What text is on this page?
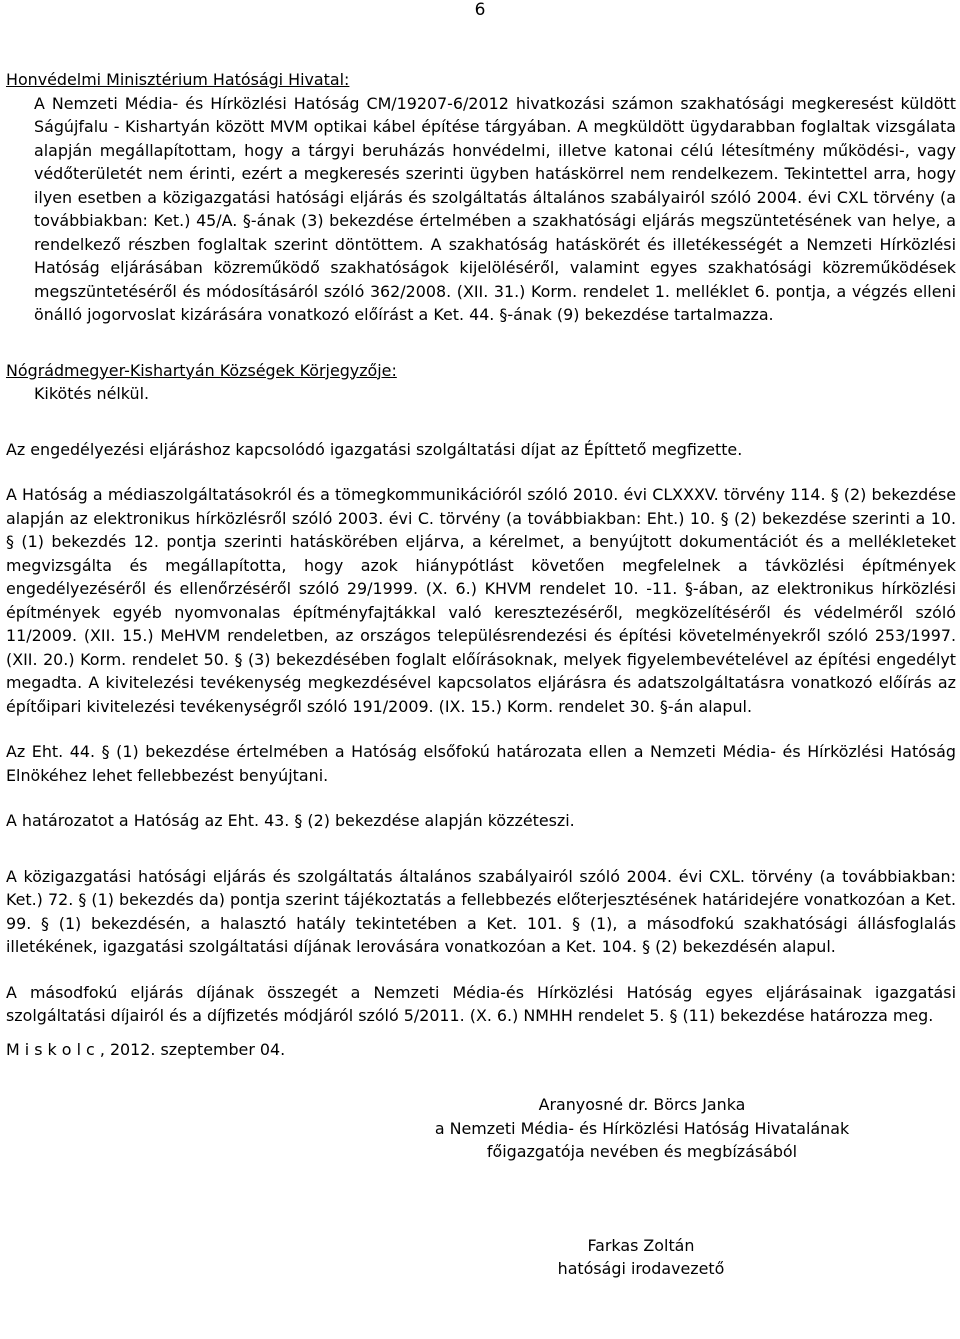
6

Honvédelmi Minisztérium Hatósági Hivatal:

A Nemzeti Média- és Hírközlési Hatóság CM/19207-6/2012 hivatkozási számon szakhatósági megkeresést küldött Ságújfalu - Kishartyán között MVM optikai kábel építése tárgyában. A megküldött ügydarabban foglaltak vizsgálata alapján megállapítottam, hogy a tárgyi beruházás honvédelmi, illetve katonai célú létesítmény működési-, vagy védőterületét nem érinti, ezért a megkeresés szerinti ügyben hatáskörrel nem rendelkezem. Tekintettel arra, hogy ilyen esetben a közigazgatási hatósági eljárás és szolgáltatás általános szabályairól szóló 2004. évi CXL törvény (a továbbiakban: Ket.) 45/A. §-ának (3) bekezdése értelmében a szakhatósági eljárás megszüntetésének van helye, a rendelkező részben foglaltak szerint döntöttem. A szakhatóság hatáskörét és illetékességét a Nemzeti Hírközlési Hatóság eljárásában közreműködő szakhatóságok kijelöléséről, valamint egyes szakhatósági közreműködések megszüntetéséről és módosításáról szóló 362/2008. (XII. 31.) Korm. rendelet 1. melléklet 6. pontja, a végzés elleni önálló jogorvoslat kizárására vonatkozó előírást a Ket. 44. §-ának (9) bekezdése tartalmazza.

Nógrádmegyer-Kishartyán Községek Körjegyzője:

Kikötés nélkül.

Az engedélyezési eljáráshoz kapcsolódó igazgatási szolgáltatási díjat az Építtető megfizette.

A Hatóság a médiaszolgáltatásokról és a tömegkommunikációról szóló 2010. évi CLXXXV. törvény 114. § (2) bekezdése alapján az elektronikus hírközlésről szóló 2003. évi C. törvény (a továbbiakban: Eht.) 10. § (2) bekezdése szerinti a 10. § (1) bekezdés 12. pontja szerinti hatáskörében eljárva, a kérelmet, a benyújtott dokumentációt és a mellékleteket megvizsgálta és megállapította, hogy azok hiánypótlást követően megfelelnek a távközlési építmények engedélyezéséről és ellenőrzéséről szóló 29/1999. (X. 6.) KHVM rendelet 10. -11. §-ában, az elektronikus hírközlési építmények egyéb nyomvonalas építményfajtákkal való keresztezéséről, megközelítéséről és védelméről szóló 11/2009. (XII. 15.) MeHVM rendeletben, az országos településrendezési és építési követelményekről szóló 253/1997. (XII. 20.) Korm. rendelet 50. § (3) bekezdésében foglalt előírásoknak, melyek figyelembevételével az építési engedélyt megadta. A kivitelezési tevékenység megkezdésével kapcsolatos eljárásra és adatszolgáltatásra vonatkozó előírás az építőipari kivitelezési tevékenységről szóló 191/2009. (IX. 15.) Korm. rendelet 30. §-án alapul.

Az Eht. 44. § (1) bekezdése értelmében a Hatóság elsőfokú határozata ellen a Nemzeti Média- és Hírközlési Hatóság Elnökéhez lehet fellebbezést benyújtani.

A határozatot a Hatóság az Eht. 43. § (2) bekezdése alapján közzéteszi.

A közigazgatási hatósági eljárás és szolgáltatás általános szabályairól szóló 2004. évi CXL. törvény (a továbbiakban: Ket.) 72. § (1) bekezdés da) pontja szerint tájékoztatás a fellebbezés előterjesztésének határidejére vonatkozóan a Ket. 99. § (1) bekezdésén, a halasztó hatály tekintetében a Ket. 101. § (1), a másodfokú szakhatósági állásfoglalás illetékének, igazgatási szolgáltatási díjának lerovására vonatkozóan a Ket. 104. § (2) bekezdésén alapul.

A másodfokú eljárás díjának összegét a Nemzeti Média-és Hírközlési Hatóság egyes eljárásainak igazgatási szolgáltatási díjairól és a díjfizetés módjáról szóló 5/2011. (X. 6.) NMHH rendelet 5. § (11) bekezdése határozza meg.

M i s k o l c , 2012. szeptember 04.

Aranyosné dr. Börcs Janka

a Nemzeti Média- és Hírközlési Hatóság Hivatalának

főigazgatója nevében és megbízásából

Farkas Zoltán

hatósági irodavezető
